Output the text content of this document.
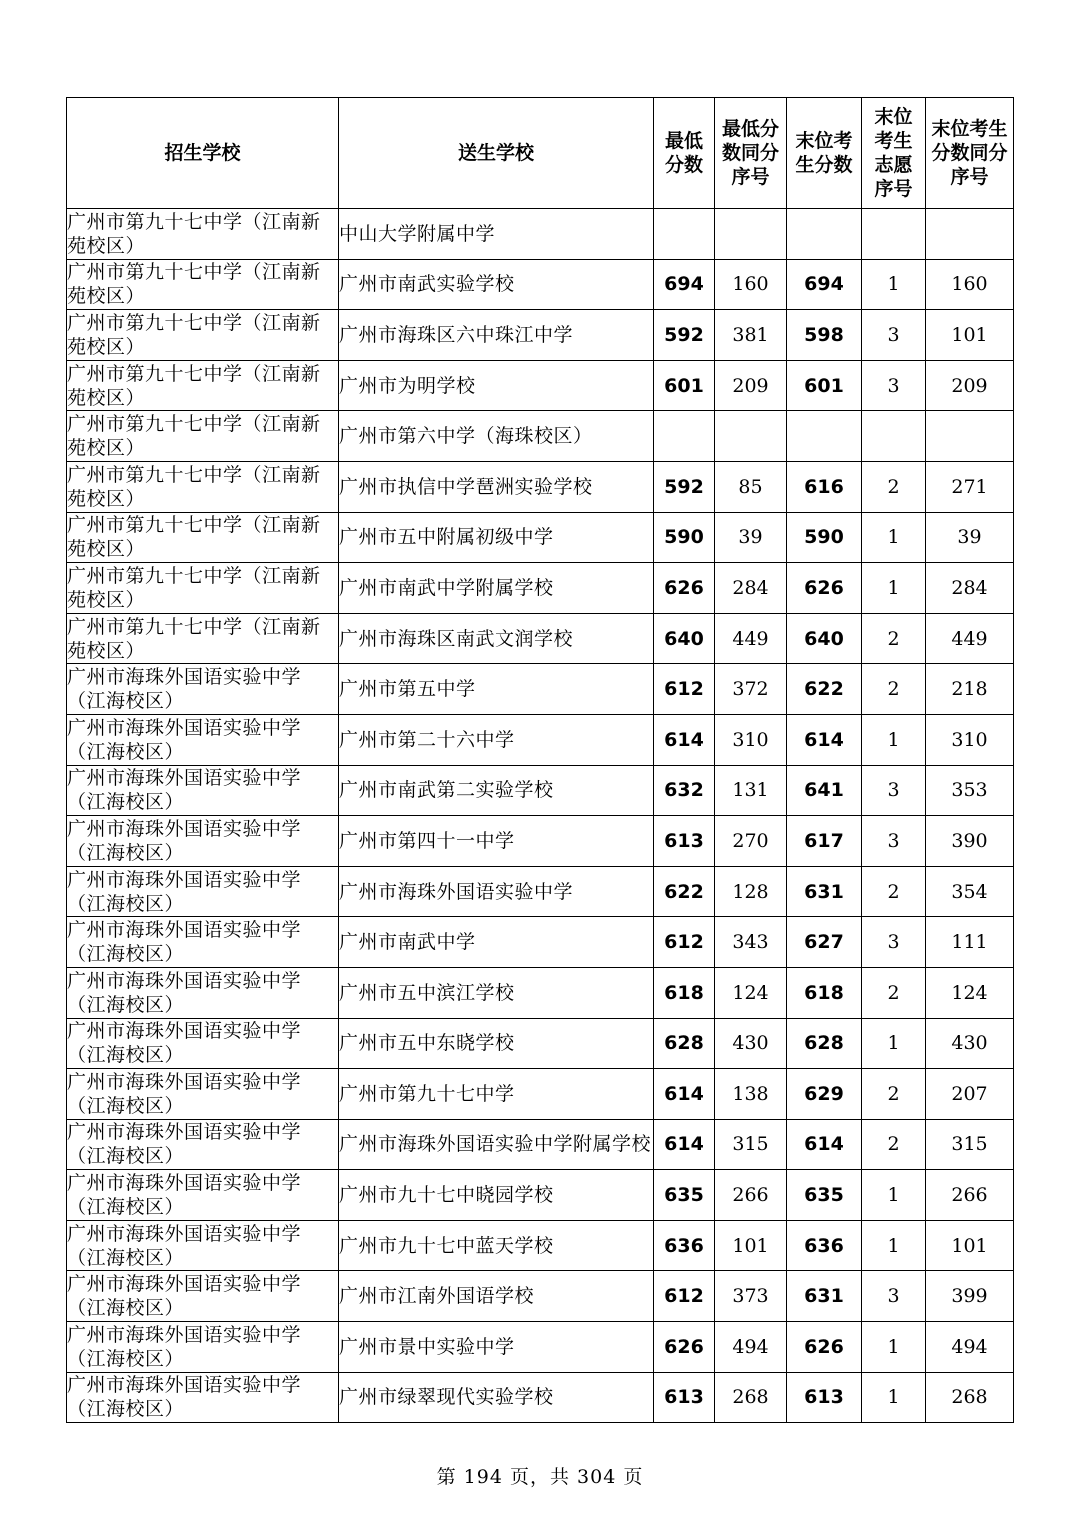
招生学校	送生学校	最低分数	最低分数同分序号	末位考生分数	末位考生志愿序号	末位考生分数同分序号
广州市第九十七中学（江南新苑校区）	中山大学附属中学					
广州市第九十七中学（江南新苑校区）	广州市南武实验学校	694	160	694	1	160
广州市第九十七中学（江南新苑校区）	广州市海珠区六中珠江中学	592	381	598	3	101
广州市第九十七中学（江南新苑校区）	广州市为明学校	601	209	601	3	209
广州市第九十七中学（江南新苑校区）	广州市第六中学（海珠校区）					
广州市第九十七中学（江南新苑校区）	广州市执信中学琶洲实验学校	592	85	616	2	271
广州市第九十七中学（江南新苑校区）	广州市五中附属初级中学	590	39	590	1	39
广州市第九十七中学（江南新苑校区）	广州市南武中学附属学校	626	284	626	1	284
广州市第九十七中学（江南新苑校区）	广州市海珠区南武文润学校	640	449	640	2	449
广州市海珠外国语实验中学（江海校区）	广州市第五中学	612	372	622	2	218
广州市海珠外国语实验中学（江海校区）	广州市第二十六中学	614	310	614	1	310
广州市海珠外国语实验中学（江海校区）	广州市南武第二实验学校	632	131	641	3	353
广州市海珠外国语实验中学（江海校区）	广州市第四十一中学	613	270	617	3	390
广州市海珠外国语实验中学（江海校区）	广州市海珠外国语实验中学	622	128	631	2	354
广州市海珠外国语实验中学（江海校区）	广州市南武中学	612	343	627	3	111
广州市海珠外国语实验中学（江海校区）	广州市五中滨江学校	618	124	618	2	124
广州市海珠外国语实验中学（江海校区）	广州市五中东晓学校	628	430	628	1	430
广州市海珠外国语实验中学（江海校区）	广州市第九十七中学	614	138	629	2	207
广州市海珠外国语实验中学（江海校区）	广州市海珠外国语实验中学附属学校	614	315	614	2	315
广州市海珠外国语实验中学（江海校区）	广州市九十七中晓园学校	635	266	635	1	266
广州市海珠外国语实验中学（江海校区）	广州市九十七中蓝天学校	636	101	636	1	101
广州市海珠外国语实验中学（江海校区）	广州市江南外国语学校	612	373	631	3	399
广州市海珠外国语实验中学（江海校区）	广州市景中实验中学	626	494	626	1	494
广州市海珠外国语实验中学（江海校区）	广州市绿翠现代实验学校	613	268	613	1	268
第 194 页，共 304 页
